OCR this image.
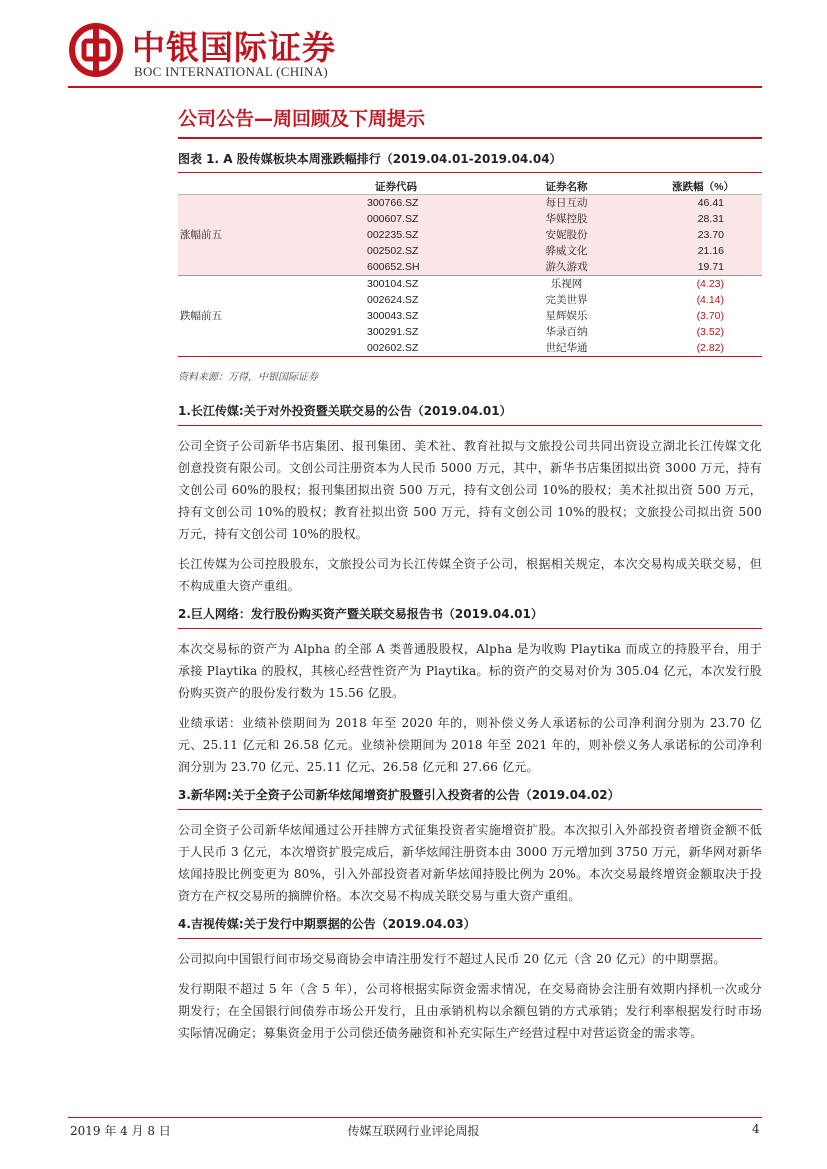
中银国际证券
BOC INTERNATIONAL (CHINA)
公司公告—周回顾及下周提示
图表 1. A 股传媒板块本周涨跌幅排行（2019.04.01-2019.04.04）
	证券代码	证券名称	涨跌幅（%）
涨幅前五	300766.SZ	每日互动	46.41
	000607.SZ	华媒控股	28.31
	002235.SZ	安妮股份	23.70
	002502.SZ	骅威文化	21.16
	600652.SH	游久游戏	19.71
跌幅前五	300104.SZ	乐视网	(4.23)
	002624.SZ	完美世界	(4.14)
	300043.SZ	星辉娱乐	(3.70)
	300291.SZ	华录百纳	(3.52)
	002602.SZ	世纪华通	(2.82)
资料来源：万得，中银国际证券
1.长江传媒:关于对外投资暨关联交易的公告（2019.04.01）

公司全资子公司新华书店集团、报刊集团、美术社、教育社拟与文旅投公司共同出资设立湖北长江传媒文化创意投资有限公司。文创公司注册资本为人民币 5000 万元，其中，新华书店集团拟出资 3000 万元，持有文创公司 60%的股权；报刊集团拟出资 500 万元，持有文创公司 10%的股权；美术社拟出资 500 万元，持有文创公司 10%的股权；教育社拟出资 500 万元，持有文创公司 10%的股权；文旅投公司拟出资 500 万元，持有文创公司 10%的股权。

长江传媒为公司控股股东，文旅投公司为长江传媒全资子公司，根据相关规定，本次交易构成关联交易，但不构成重大资产重组。

2.巨人网络：发行股份购买资产暨关联交易报告书（2019.04.01）

本次交易标的资产为 Alpha 的全部 A 类普通股股权，Alpha 是为收购 Playtika 而成立的持股平台，用于承接 Playtika 的股权，其核心经营性资产为 Playtika。标的资产的交易对价为 305.04 亿元，本次发行股份购买资产的股份发行数为 15.56 亿股。

业绩承诺：业绩补偿期间为 2018 年至 2020 年的，则补偿义务人承诺标的公司净利润分别为 23.70 亿元、25.11 亿元和 26.58 亿元。业绩补偿期间为 2018 年至 2021 年的，则补偿义务人承诺标的公司净利润分别为 23.70 亿元、25.11 亿元、26.58 亿元和 27.66 亿元。

3.新华网:关于全资子公司新华炫闻增资扩股暨引入投资者的公告（2019.04.02）

公司全资子公司新华炫闻通过公开挂牌方式征集投资者实施增资扩股。本次拟引入外部投资者增资金额不低于人民币 3 亿元，本次增资扩股完成后，新华炫闻注册资本由 3000 万元增加到 3750 万元，新华网对新华炫闻持股比例变更为 80%，引入外部投资者对新华炫闻持股比例为 20%。本次交易最终增资金额取决于投资方在产权交易所的摘牌价格。本次交易不构成关联交易与重大资产重组。

4.吉视传媒:关于发行中期票据的公告（2019.04.03）

公司拟向中国银行间市场交易商协会申请注册发行不超过人民币 20 亿元（含 20 亿元）的中期票据。

发行期限不超过 5 年（含 5 年），公司将根据实际资金需求情况，在交易商协会注册有效期内择机一次或分期发行；在全国银行间债券市场公开发行，且由承销机构以余额包销的方式承销；发行利率根据发行时市场实际情况确定；募集资金用于公司偿还债务融资和补充实际生产经营过程中对营运资金的需求等。

2019 年 4 月 8 日	传媒互联网行业评论周报	4
